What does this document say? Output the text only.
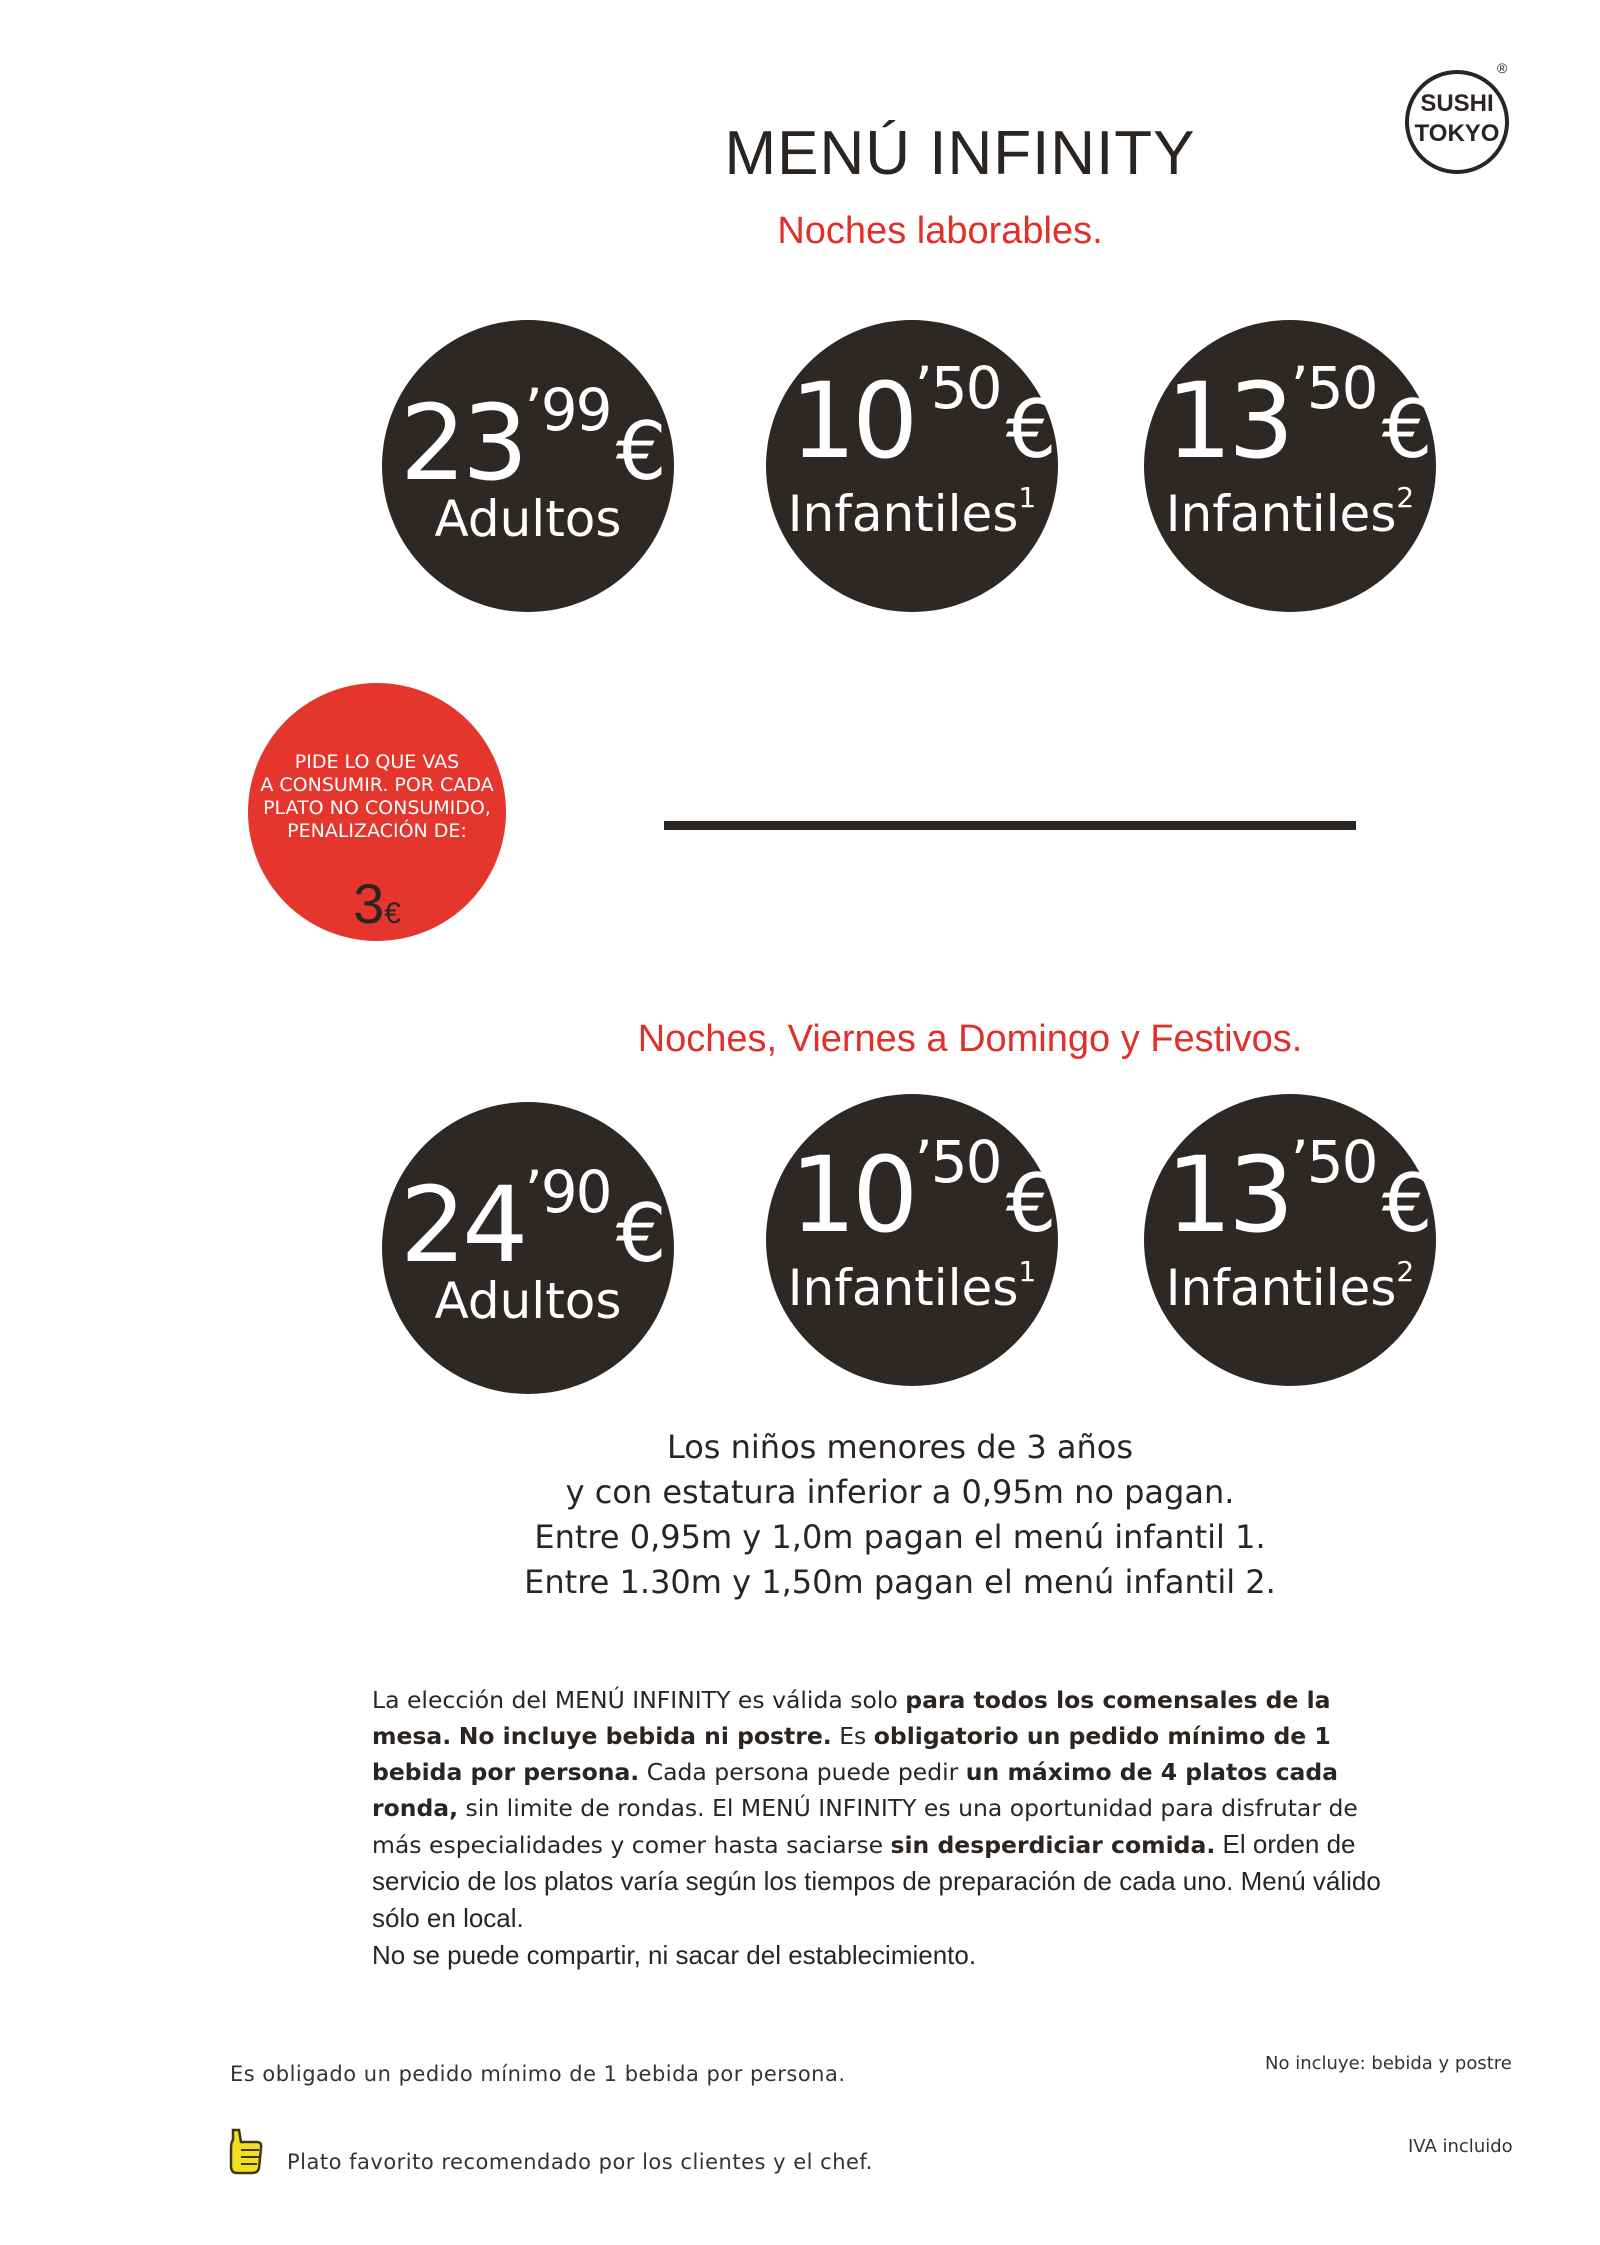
SUSHI
TOKYO
®
MENÚ INFINITY
Noches laborables.
23’99 €
Adultos
10’50 €
Infantiles$^1$
13’50 €
Infantiles$^2$
PIDE LO QUE VAS
A CONSUMIR. POR CADA
PLATO NO CONSUMIDO,
PENALIZACIÓN DE:
3€
Noches, Viernes a Domingo y Festivos.
24’90 €
Adultos
10’50 €
Infantiles$^1$
13’50 €
Infantiles$^2$
Los niños menores de 3 años
y con estatura inferior a 0,95m no pagan.
Entre 0,95m y 1,0m pagan el menú infantil 1.
Entre 1.30m y 1,50m pagan el menú infantil 2.
La elección del MENÚ INFINITY es válida solo para todos los comensales de la mesa. No incluye bebida ni postre. Es obligatorio un pedido mínimo de 1 bebida por persona. Cada persona puede pedir un máximo de 4 platos cada ronda, sin limite de rondas. El MENÚ INFINITY es una oportunidad para disfrutar de más especialidades y comer hasta saciarse sin desperdiciar comida. El orden de servicio de los platos varía según los tiempos de preparación de cada uno. Menú válido sólo en local.
No se puede compartir, ni sacar del establecimiento.
Es obligado un pedido mínimo de 1 bebida por persona.	No incluye: bebida y postre
Plato favorito recomendado por los clientes y el chef.
IVA incluido
